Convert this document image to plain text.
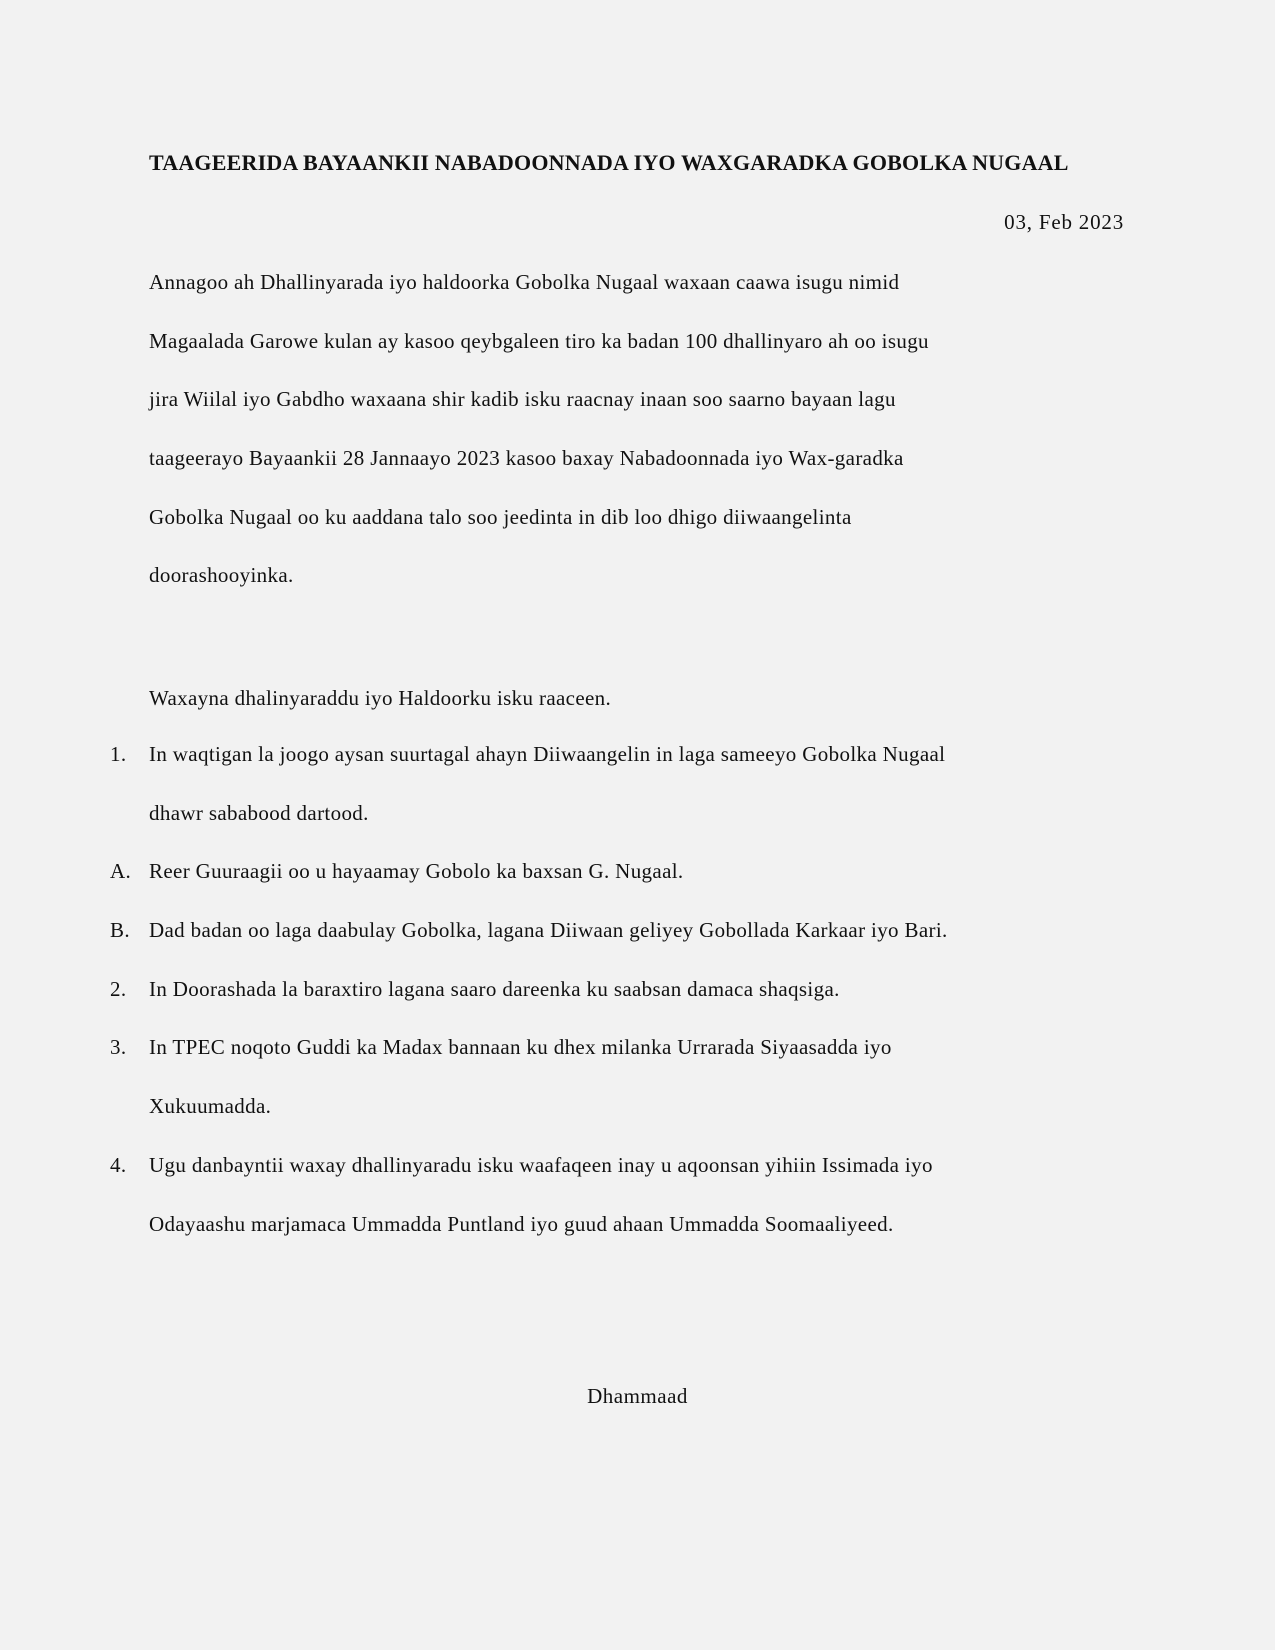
TAAGEERIDA BAYAANKII NABADOONNADA IYO WAXGARADKA GOBOLKA NUGAAL
03, Feb 2023
Annagoo ah Dhallinyarada iyo haldoorka Gobolka Nugaal waxaan caawa isugu nimid
Magaalada Garowe kulan ay kasoo qeybgaleen tiro ka badan 100 dhallinyaro ah oo isugu
jira Wiilal iyo Gabdho waxaana shir kadib isku raacnay inaan soo saarno bayaan lagu
taageerayo Bayaankii 28 Jannaayo 2023 kasoo baxay Nabadoonnada iyo Wax-garadka
Gobolka Nugaal oo ku aaddana talo soo jeedinta in dib loo dhigo diiwaangelinta
doorashooyinka.
Waxayna dhalinyaraddu iyo Haldoorku isku raaceen.
1.	In waqtigan la joogo aysan suurtagal ahayn Diiwaangelin in laga sameeyo Gobolka Nugaal
dhawr sababood dartood.
A. Reer Guuraagii oo u hayaamay Gobolo ka baxsan G. Nugaal.
B. Dad badan oo laga daabulay Gobolka, lagana Diiwaan geliyey Gobollada Karkaar iyo Bari.
2.	In Doorashada la baraxtiro lagana saaro dareenka ku saabsan damaca shaqsiga.
3.	In TPEC noqoto Guddi ka Madax bannaan ku dhex milanka Urrarada Siyaasadda iyo
Xukuumadda.
4.	Ugu danbayntii waxay dhallinyaradu isku waafaqeen inay u aqoonsan yihiin Issimada iyo
Odayaashu marjamaca Ummadda Puntland iyo guud ahaan Ummadda Soomaaliyeed.
Dhammaad
